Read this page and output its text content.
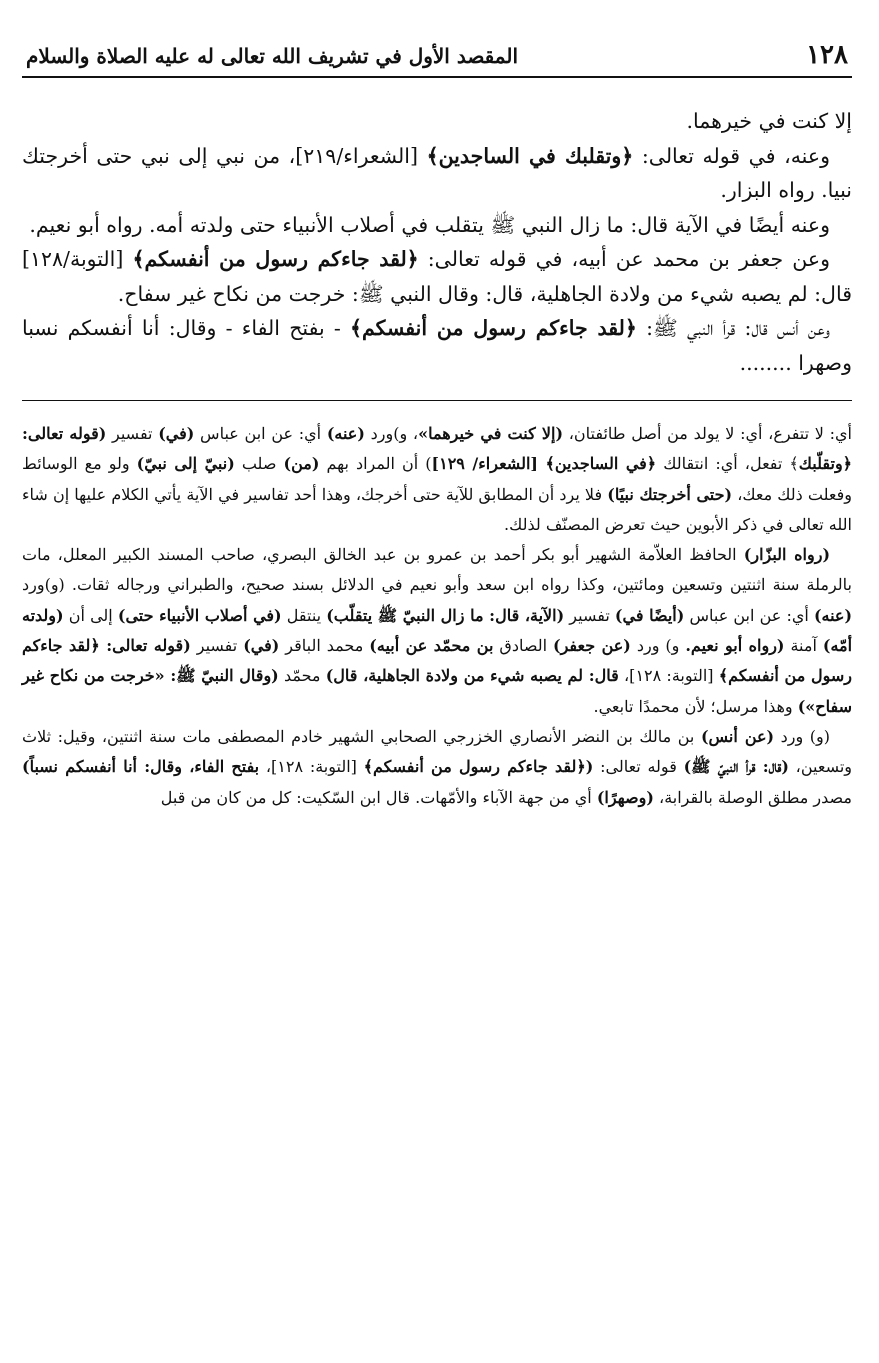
١٢٨
المقصد الأول في تشريف الله تعالى له عليه الصلاة والسلام

إلا كنت في خيرهما.

وعنه، في قوله تعالى: ﴿وتقلبك في الساجدين﴾ [الشعراء/٢١٩]، من نبي إلى نبي حتى أخرجتك نبيا. رواه البزار.

وعنه أيضًا في الآية قال: ما زال النبي ﷺ يتقلب في أصلاب الأنبياء حتى ولدته أمه. رواه أبو نعيم.

وعن جعفر بن محمد عن أبيه، في قوله تعالى: ﴿لقد جاءكم رسول من أنفسكم﴾ [التوبة/١٢٨] قال: لم يصبه شيء من ولادة الجاهلية، قال: وقال النبي ﷺ: خرجت من نكاح غير سفاح.

وعن أنس قال: قرأ النبي ﷺ: ﴿لقد جاءكم رسول من أنفسكم﴾ - بفتح الفاء - وقال: أنا أنفسكم نسبا وصهرا ........

أي: لا تتفرع، أي: لا يولد من أصل طائفتان، (إلا كنت في خيرهما»، و)ورد (عنه) أي: عن ابن عباس (في) تفسير (قوله تعالى: ﴿وتقلّبك﴾ تفعل، أي: انتقالك ﴿في الساجدين﴾ [الشعراء/ ١٢٩]) أن المراد بهم (من) صلب (نبيّ إلى نبيّ) ولو مع الوسائط وفعلت ذلك معك، (حتى أخرجتك نبيًا) فلا يرد أن المطابق للآية حتى أخرجك، وهذا أحد تفاسير في الآية يأتي الكلام عليها إن شاء الله تعالى في ذكر الأبوين حيث تعرض المصنّف لذلك.

(رواه البزّار) الحافظ العلاّمة الشهير أبو بكر أحمد بن عمرو بن عبد الخالق البصري، صاحب المسند الكبير المعلل، مات بالرملة سنة اثنتين وتسعين ومائتين، وكذا رواه ابن سعد وأبو نعيم في الدلائل بسند صحيح، والطبراني ورجاله ثقات. (و)ورد (عنه) أي: عن ابن عباس (أيضًا في) تفسير (الآية، قال: ما زال النبيّ ﷺ يتقلّب) ينتقل (في أصلاب الأنبياء حتى) إلى أن (ولدته أمّه) آمنة (رواه أبو نعيم. و) ورد (عن جعفر) الصادق بن محمّد عن أبيه) محمد الباقر (في) تفسير (قوله تعالى: ﴿لقد جاءكم رسول من أنفسكم﴾ [التوبة: ١٢٨]، قال: لم يصبه شيء من ولادة الجاهلية، قال) محمّد (وقال النبيّ ﷺ: «خرجت من نكاح غير سفاح») وهذا مرسل؛ لأن محمدًا تابعي.

(و) ورد (عن أنس) بن مالك بن النضر الأنصاري الخزرجي الصحابي الشهير خادم المصطفى مات سنة اثنتين، وقيل: ثلاث وتسعين، (قال: قرأ النبيّ ﷺ) قوله تعالى: (﴿لقد جاءكم رسول من أنفسكم﴾ [التوبة: ١٢٨]، بفتح الفاء، وقال: أنا أنفسكم نسباً) مصدر مطلق الوصلة بالقرابة، (وصهرًا) أي من جهة الآباء والأمّهات. قال ابن السّكيت: كل من كان من قبل
